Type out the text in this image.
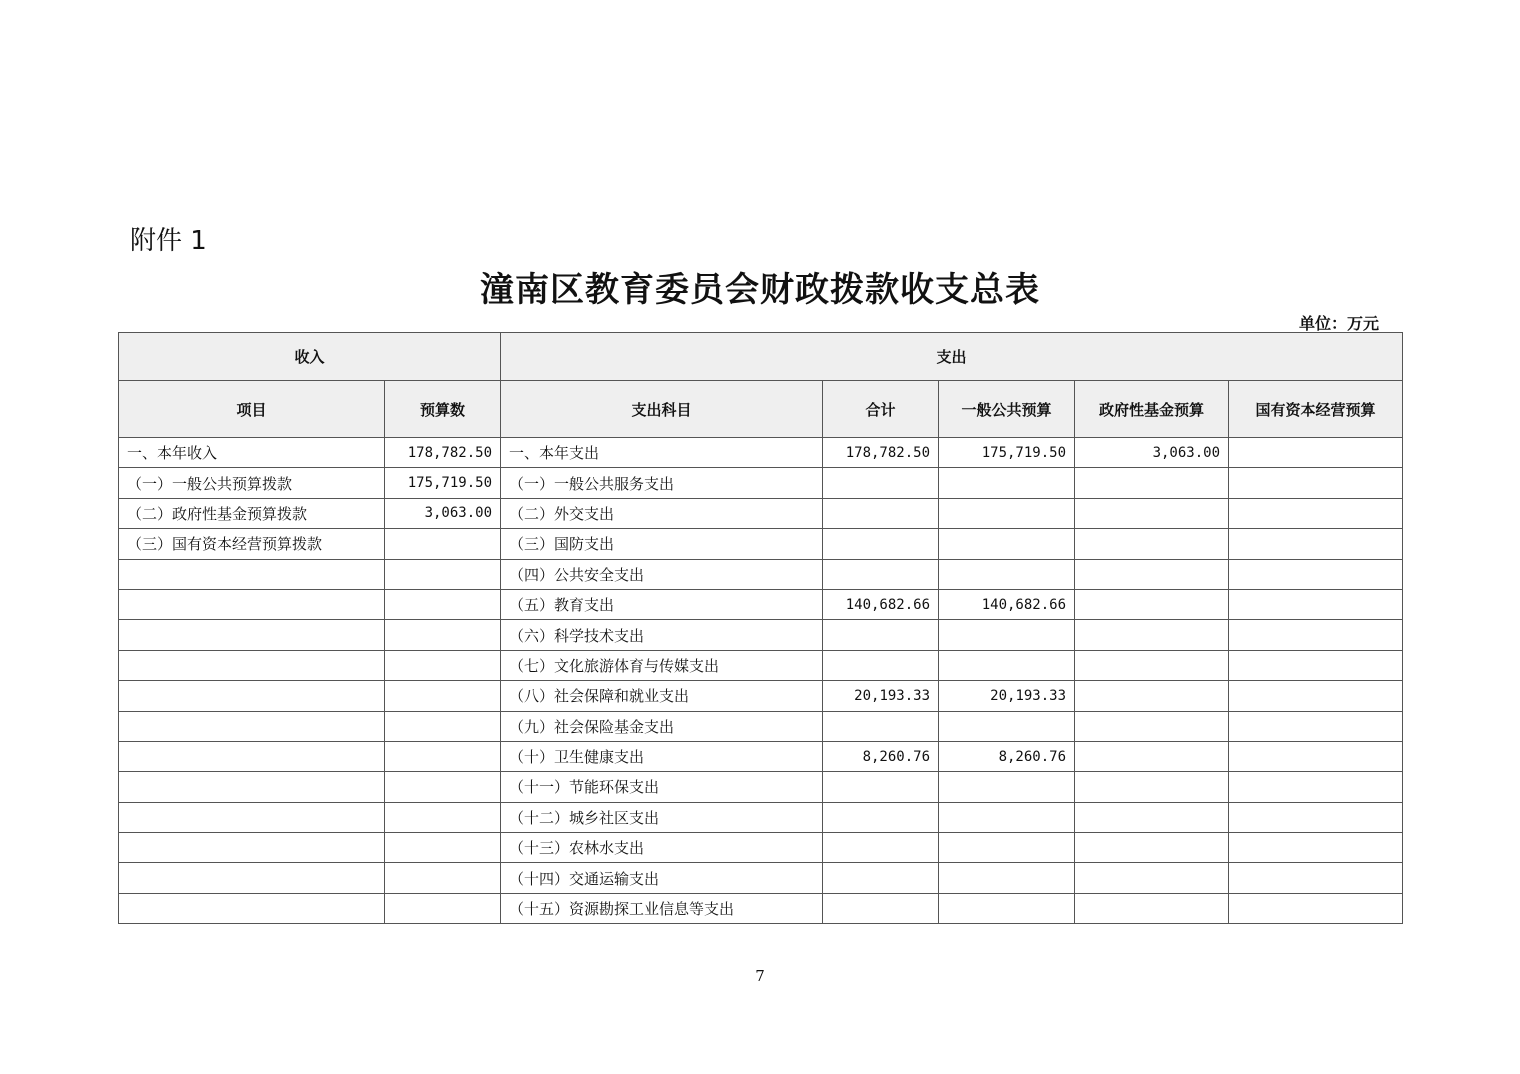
附件 1
潼南区教育委员会财政拨款收支总表
单位：万元
收入		支出				
项目	预算数	支出科目	合计	一般公共预算	政府性基金预算	国有资本经营预算
一、本年收入	178,782.50	一、本年支出	178,782.50	175,719.50	3,063.00	
（一）一般公共预算拨款	175,719.50	（一）一般公共服务支出				
（二）政府性基金预算拨款	3,063.00	（二）外交支出				
（三）国有资本经营预算拨款		（三）国防支出				
		（四）公共安全支出				
		（五）教育支出	140,682.66	140,682.66		
		（六）科学技术支出				
		（七）文化旅游体育与传媒支出				
		（八）社会保障和就业支出	20,193.33	20,193.33		
		（九）社会保险基金支出				
		（十）卫生健康支出	8,260.76	8,260.76		
		（十一）节能环保支出				
		（十二）城乡社区支出				
		（十三）农林水支出				
		（十四）交通运输支出				
		（十五）资源勘探工业信息等支出				
7
